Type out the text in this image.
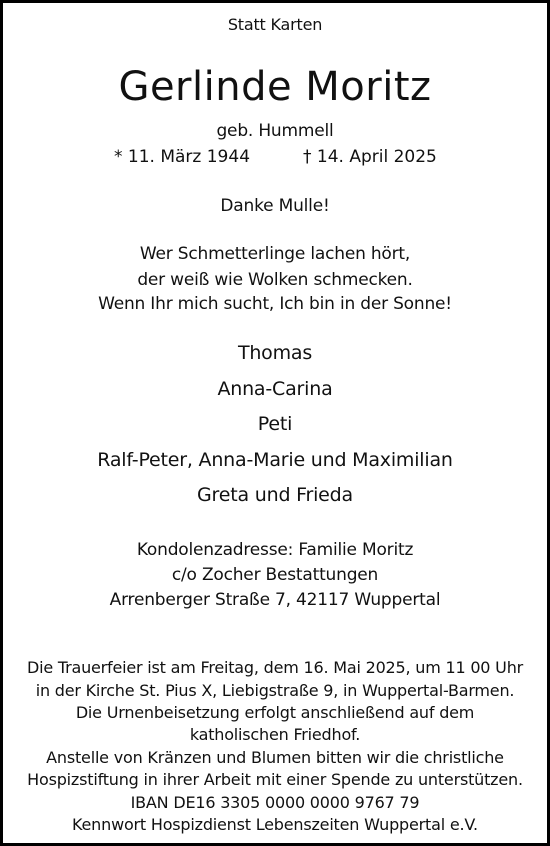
Statt Karten
Gerlinde Moritz
geb. Hummell
* 11. März 1944	† 14. April 2025
Danke Mulle!
Wer Schmetterlinge lachen hört,
der weiß wie Wolken schmecken.
Wenn Ihr mich sucht, Ich bin in der Sonne!
Thomas
Anna-Carina
Peti
Ralf-Peter, Anna-Marie und Maximilian
Greta und Frieda
Kondolenzadresse: Familie Moritz
c/o Zocher Bestattungen
Arrenberger Straße 7, 42117 Wuppertal
Die Trauerfeier ist am Freitag, dem 16. Mai 2025, um 11 00 Uhr
in der Kirche St. Pius X, Liebigstraße 9, in Wuppertal-Barmen.
Die Urnenbeisetzung erfolgt anschließend auf dem
katholischen Friedhof.
Anstelle von Kränzen und Blumen bitten wir die christliche
Hospizstiftung in ihrer Arbeit mit einer Spende zu unterstützen.
IBAN DE16 3305 0000 0000 9767 79
Kennwort Hospizdienst Lebenszeiten Wuppertal e.V.
